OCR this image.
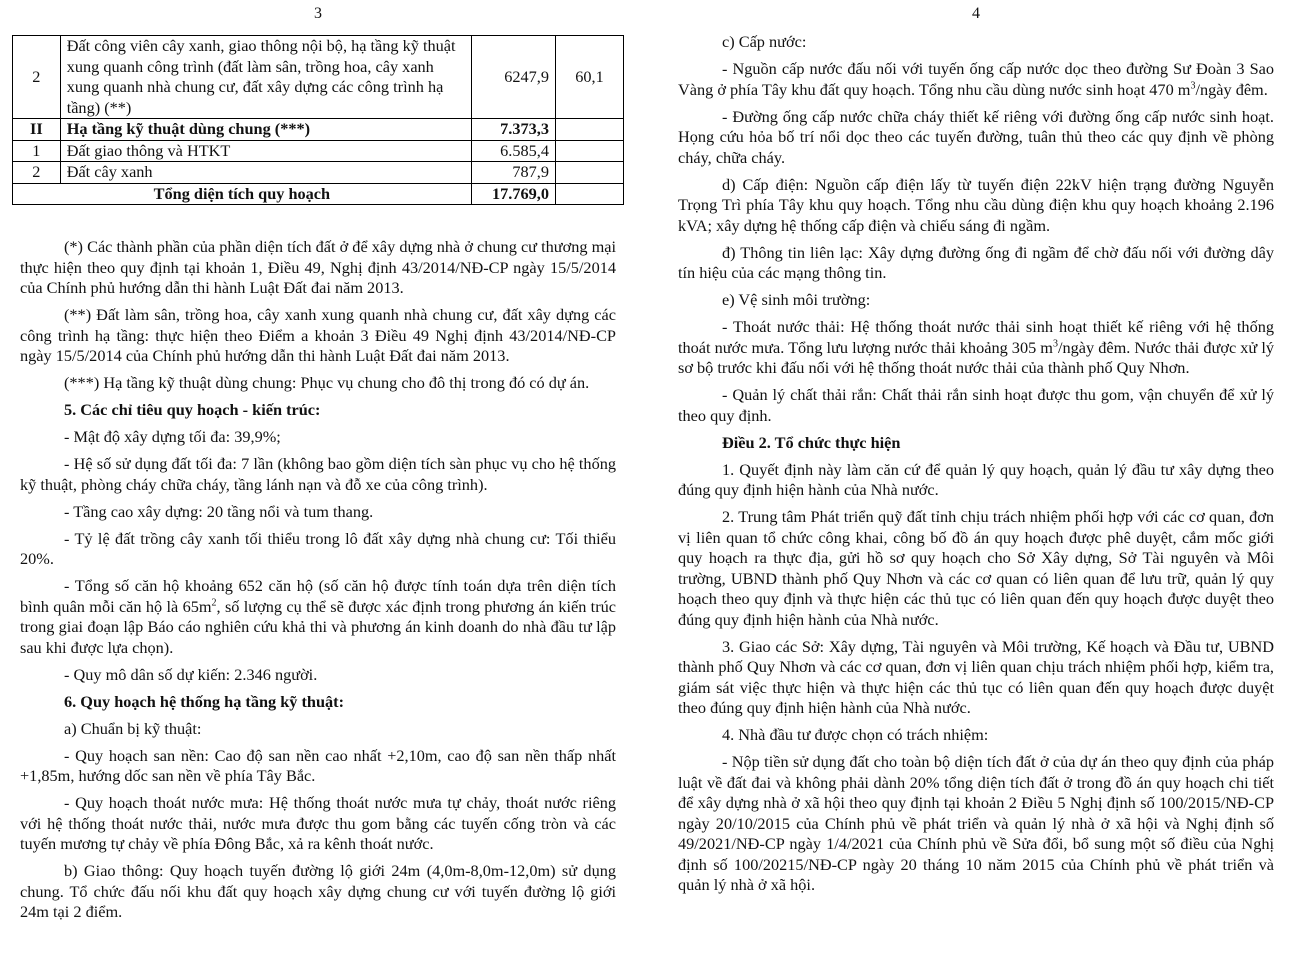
3
2	Đất công viên cây xanh, giao thông nội bộ, hạ tầng kỹ thuật xung quanh công trình (đất làm sân, trồng hoa, cây xanh xung quanh nhà chung cư, đất xây dựng các công trình hạ tầng) (**)	6247,9	60,1
II	Hạ tầng kỹ thuật dùng chung (***)	7.373,3	
1	Đất giao thông và HTKT	6.585,4	
2	Đất cây xanh	787,9	
Tổng diện tích quy hoạch		17.769,0	

(*) Các thành phần của phần diện tích đất ở để xây dựng nhà ở chung cư thương mại thực hiện theo quy định tại khoản 1, Điều 49, Nghị định 43/2014/NĐ-CP ngày 15/5/2014 của Chính phủ hướng dẫn thi hành Luật Đất đai năm 2013.

(**) Đất làm sân, trồng hoa, cây xanh xung quanh nhà chung cư, đất xây dựng các công trình hạ tầng: thực hiện theo Điểm a khoản 3 Điều 49 Nghị định 43/2014/NĐ-CP ngày 15/5/2014 của Chính phủ hướng dẫn thi hành Luật Đất đai năm 2013.

(***) Hạ tầng kỹ thuật dùng chung: Phục vụ chung cho đô thị trong đó có dự án.

5. Các chỉ tiêu quy hoạch - kiến trúc:

- Mật độ xây dựng tối đa: 39,9%;

- Hệ số sử dụng đất tối đa: 7 lần (không bao gồm diện tích sàn phục vụ cho hệ thống kỹ thuật, phòng cháy chữa cháy, tầng lánh nạn và đỗ xe của công trình).

- Tầng cao xây dựng: 20 tầng nổi và tum thang.

- Tỷ lệ đất trồng cây xanh tối thiểu trong lô đất xây dựng nhà chung cư: Tối thiểu 20%.

- Tổng số căn hộ khoảng 652 căn hộ (số căn hộ được tính toán dựa trên diện tích bình quân mỗi căn hộ là $65m^2$, số lượng cụ thể sẽ được xác định trong phương án kiến trúc trong giai đoạn lập Báo cáo nghiên cứu khả thi và phương án kinh doanh do nhà đầu tư lập sau khi được lựa chọn).

- Quy mô dân số dự kiến: 2.346 người.

6. Quy hoạch hệ thống hạ tầng kỹ thuật:

a) Chuẩn bị kỹ thuật:

- Quy hoạch san nền: Cao độ san nền cao nhất +2,10m, cao độ san nền thấp nhất +1,85m, hướng dốc san nền về phía Tây Bắc.

- Quy hoạch thoát nước mưa: Hệ thống thoát nước mưa tự chảy, thoát nước riêng với hệ thống thoát nước thải, nước mưa được thu gom bằng các tuyến cống tròn và các tuyến mương tự chảy về phía Đông Bắc, xả ra kênh thoát nước.

b) Giao thông: Quy hoạch tuyến đường lộ giới 24m (4,0m-8,0m-12,0m) sử dụng chung. Tổ chức đấu nối khu đất quy hoạch xây dựng chung cư với tuyến đường lộ giới 24m tại 2 điểm.

4

c) Cấp nước:

- Nguồn cấp nước đấu nối với tuyến ống cấp nước dọc theo đường Sư Đoàn 3 Sao Vàng ở phía Tây khu đất quy hoạch. Tổng nhu cầu dùng nước sinh hoạt 470 $m^3$/ngày đêm.

- Đường ống cấp nước chữa cháy thiết kế riêng với đường ống cấp nước sinh hoạt. Họng cứu hỏa bố trí nổi dọc theo các tuyến đường, tuân thủ theo các quy định về phòng cháy, chữa cháy.

d) Cấp điện: Nguồn cấp điện lấy từ tuyến điện 22kV hiện trạng đường Nguyễn Trọng Trì phía Tây khu quy hoạch. Tổng nhu cầu dùng điện khu quy hoạch khoảng 2.196 kVA; xây dựng hệ thống cấp điện và chiếu sáng đi ngầm.

đ) Thông tin liên lạc: Xây dựng đường ống đi ngầm để chờ đấu nối với đường dây tín hiệu của các mạng thông tin.

e) Vệ sinh môi trường:

- Thoát nước thải: Hệ thống thoát nước thải sinh hoạt thiết kế riêng với hệ thống thoát nước mưa. Tổng lưu lượng nước thải khoảng 305 $m^3$/ngày đêm. Nước thải được xử lý sơ bộ trước khi đấu nối với hệ thống thoát nước thải của thành phố Quy Nhơn.

- Quản lý chất thải rắn: Chất thải rắn sinh hoạt được thu gom, vận chuyển để xử lý theo quy định.

Điều 2. Tổ chức thực hiện

1. Quyết định này làm căn cứ để quản lý quy hoạch, quản lý đầu tư xây dựng theo đúng quy định hiện hành của Nhà nước.

2. Trung tâm Phát triển quỹ đất tỉnh chịu trách nhiệm phối hợp với các cơ quan, đơn vị liên quan tổ chức công khai, công bố đồ án quy hoạch được phê duyệt, cắm mốc giới quy hoạch ra thực địa, gửi hồ sơ quy hoạch cho Sở Xây dựng, Sở Tài nguyên và Môi trường, UBND thành phố Quy Nhơn và các cơ quan có liên quan để lưu trữ, quản lý quy hoạch theo quy định và thực hiện các thủ tục có liên quan đến quy hoạch được duyệt theo đúng quy định hiện hành của Nhà nước.

3. Giao các Sở: Xây dựng, Tài nguyên và Môi trường, Kế hoạch và Đầu tư, UBND thành phố Quy Nhơn và các cơ quan, đơn vị liên quan chịu trách nhiệm phối hợp, kiểm tra, giám sát việc thực hiện và thực hiện các thủ tục có liên quan đến quy hoạch được duyệt theo đúng quy định hiện hành của Nhà nước.

4. Nhà đầu tư được chọn có trách nhiệm:

- Nộp tiền sử dụng đất cho toàn bộ diện tích đất ở của dự án theo quy định của pháp luật về đất đai và không phải dành 20% tổng diện tích đất ở trong đồ án quy hoạch chi tiết để xây dựng nhà ở xã hội theo quy định tại khoản 2 Điều 5 Nghị định số 100/2015/NĐ-CP ngày 20/10/2015 của Chính phủ về phát triển và quản lý nhà ở xã hội và Nghị định số 49/2021/NĐ-CP ngày 1/4/2021 của Chính phủ về Sửa đổi, bổ sung một số điều của Nghị định số 100/20215/NĐ-CP ngày 20 tháng 10 năm 2015 của Chính phủ về phát triển và quản lý nhà ở xã hội.
